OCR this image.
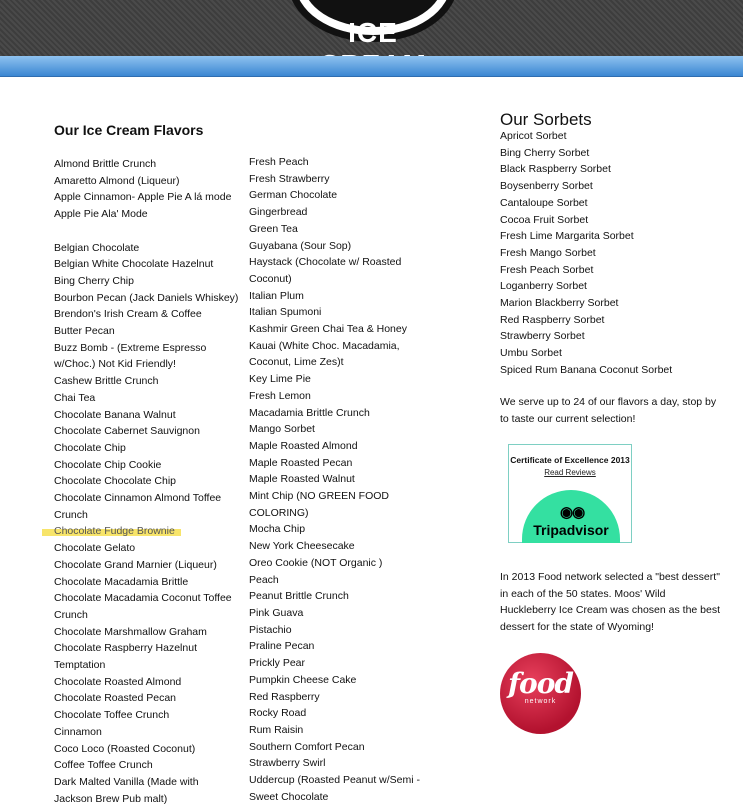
ICE
Our Ice Cream Flavors
Almond Brittle Crunch
Amaretto Almond (Liqueur)
Apple Cinnamon- Apple Pie A lá mode
Apple Pie Ala' Mode
Belgian Chocolate
Belgian White Chocolate Hazelnut
Bing Cherry Chip
Bourbon Pecan (Jack Daniels Whiskey)
Brendon's Irish Cream & Coffee
Butter Pecan
Buzz Bomb - (Extreme Espresso
w/Choc.) Not Kid Friendly!
Cashew Brittle Crunch
Chai Tea
Chocolate Banana Walnut
Chocolate Cabernet Sauvignon
Chocolate Chip
Chocolate Chip Cookie
Chocolate Chocolate Chip
Chocolate Cinnamon Almond Toffee
Crunch
Chocolate Fudge Brownie
Chocolate Gelato
Chocolate Grand Marnier (Liqueur)
Chocolate Macadamia Brittle
Chocolate Macadamia Coconut Toffee
Crunch
Chocolate Marshmallow Graham
Chocolate Raspberry Hazelnut
Temptation
Chocolate Roasted Almond
Chocolate Roasted Pecan
Chocolate Toffee Crunch
Cinnamon
Coco Loco (Roasted Coconut)
Coffee Toffee Crunch
Dark Malted Vanilla (Made with
Jackson Brew Pub malt)
Fresh Peach
Fresh Strawberry
German Chocolate
Gingerbread
Green Tea
Guyabana (Sour Sop)
Haystack (Chocolate w/ Roasted
Coconut)
Italian Plum
Italian Spumoni
Kashmir Green Chai Tea & Honey
Kauai (White Choc. Macadamia,
Coconut, Lime Zes)t
Key Lime Pie
Fresh Lemon
Macadamia Brittle Crunch
Mango Sorbet
Maple Roasted Almond
Maple Roasted Pecan
Maple Roasted Walnut
Mint Chip (NO GREEN FOOD
COLORING)
Mocha Chip
New York Cheesecake
Oreo Cookie (NOT Organic )
Peach
Peanut Brittle Crunch
Pink Guava
Pistachio
Praline Pecan
Prickly Pear
Pumpkin Cheese Cake
Red Raspberry
Rocky Road
Rum Raisin
Southern Comfort Pecan
Strawberry Swirl
Uddercup (Roasted Peanut w/Semi -
Sweet Chocolate
Our Sorbets
Apricot Sorbet
Bing Cherry Sorbet
Black Raspberry Sorbet
Boysenberry Sorbet
Cantaloupe Sorbet
Cocoa Fruit Sorbet
Fresh Lime Margarita Sorbet
Fresh Mango Sorbet
Fresh Peach Sorbet
Loganberry Sorbet
Marion Blackberry Sorbet
Red Raspberry Sorbet
Strawberry Sorbet
Umbu Sorbet
Spiced Rum Banana Coconut Sorbet

We serve up to 24 of our flavors a day, stop by to taste our current selection!

Certificate of Excellence 2013
Read Reviews
◉◉
Tripadvisor

In 2013 Food network selected a "best dessert" in each of the 50 states. Moos' Wild Huckleberry Ice Cream was chosen as the best dessert for the state of Wyoming!

food
network
